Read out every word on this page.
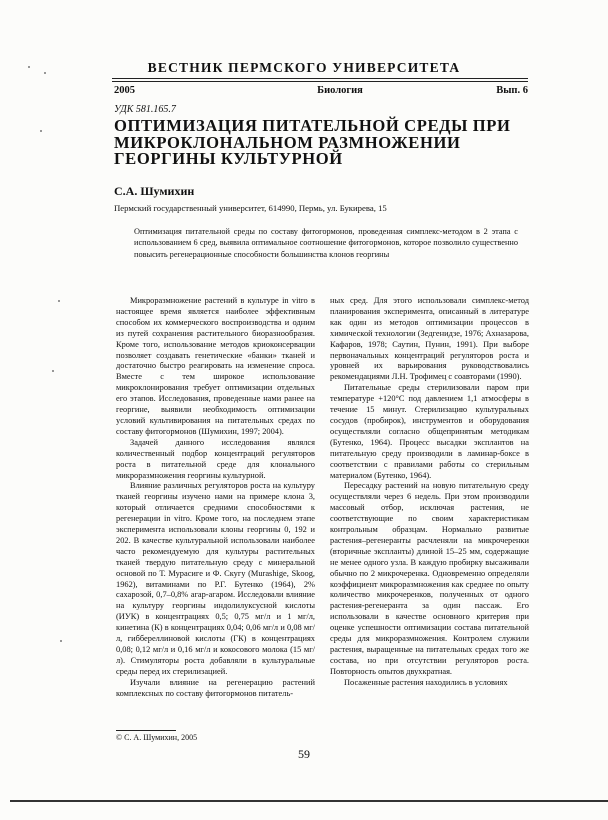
ВЕСТНИК ПЕРМСКОГО УНИВЕРСИТЕТА
2005	Биология	Вып. 6
УДК 581.165.7
ОПТИМИЗАЦИЯ ПИТАТЕЛЬНОЙ СРЕДЫ ПРИ МИКРОКЛОНАЛЬНОМ РАЗМНОЖЕНИИ ГЕОРГИНЫ КУЛЬТУРНОЙ
С.А. Шумихин
Пермский государственный университет, 614990, Пермь, ул. Букирева, 15

Оптимизация питательной среды по составу фитогормонов, проведенная симплекс-методом в 2 этапа с использованием 6 сред, выявила оптимальное соотношение фитогормонов, которое позволило существенно повысить регенерационные способности большинства клонов георгины

Микроразмножение растений в культуре in vitro в настоящее время является наиболее эффективным способом их коммерческого воспроизводства и одним из путей сохранения растительного биоразнообразия. Кроме того, использование методов криоконсервации позволяет создавать генетические «банки» тканей и достаточно быстро реагировать на изменение спроса. Вместе с тем широкое использование микроклонирования требует оптимизации отдельных его этапов. Исследования, проведенные нами ранее на георгине, выявили необходимость оптимизации условий культивирования на питательных средах по составу фитогормонов (Шумихин, 1997; 2004).

Задачей данного исследования являлся количественный подбор концентраций регуляторов роста в питательной среде для клонального микроразмножения георгины культурной.

Влияние различных регуляторов роста на культуру тканей георгины изучено нами на примере клона 3, который отличается средними способностями к регенерации in vitro. Кроме того, на последнем этапе эксперимента использовали клоны георгины 0, 192 и 202. В качестве культуральной использовали наиболее часто рекомендуемую для культуры растительных тканей твердую питательную среду с минеральной основой по Т. Мурасиге и Ф. Скугу (Murashige, Skoog, 1962), витаминами по Р.Г. Бутенко (1964), 2% сахарозой, 0,7–0,8% агар-агаром. Исследовали влияние на культуру георгины индолилуксусной кислоты (ИУК) в концентрациях 0,5; 0,75 мг/л и 1 мг/л, кинетина (К) в концентрациях 0,04; 0,06 мг/л и 0,08 мг/л, гиббереллиновой кислоты (ГК) в концентрациях 0,08; 0,12 мг/л и 0,16 мг/л и кокосового молока (15 мг/л). Стимуляторы роста добавляли в культуральные среды перед их стерилизацией.

Изучали влияние на регенерацию растений комплексных по составу фитогормонов питатель-

ных сред. Для этого использовали симплекс-метод планирования эксперимента, описанный в литературе как один из методов оптимизации процессов в химической технологии (Зедгенидзе, 1976; Ахназарова, Кафаров, 1978; Саутин, Пунин, 1991). При выборе первоначальных концентраций регуляторов роста и уровней их варьирования руководствовались рекомендациями Л.Н. Трофимец с соавторами (1990).

Питательные среды стерилизовали паром при температуре +120°С под давлением 1,1 атмосферы в течение 15 минут. Стерилизацию культуральных сосудов (пробирок), инструментов и оборудования осуществляли согласно общепринятым методикам (Бутенко, 1964). Процесс высадки эксплантов на питательную среду производили в ламинар-боксе в соответствии с правилами работы со стерильным материалом (Бутенко, 1964).

Пересадку растений на новую питательную среду осуществляли через 6 недель. При этом производили массовый отбор, исключая растения, не соответствующие по своим характеристикам контрольным образцам. Нормально развитые растения–регенеранты расчленяли на микрочеренки (вторичные экспланты) длиной 15–25 мм, содержащие не менее одного узла. В каждую пробирку высаживали обычно по 2 микрочеренка. Одновременно определяли коэффициент микроразмножения как среднее по опыту количество микрочеренков, полученных от одного растения-регенеранта за один пассаж. Его использовали в качестве основного критерия при оценке успешности оптимизации состава питательной среды для микроразмножения. Контролем служили растения, выращенные на питательных средах того же состава, но при отсутствии регуляторов роста. Повторность опытов двухкратная.

Посаженные растения находились в условиях

© С. А. Шумихин, 2005
59
